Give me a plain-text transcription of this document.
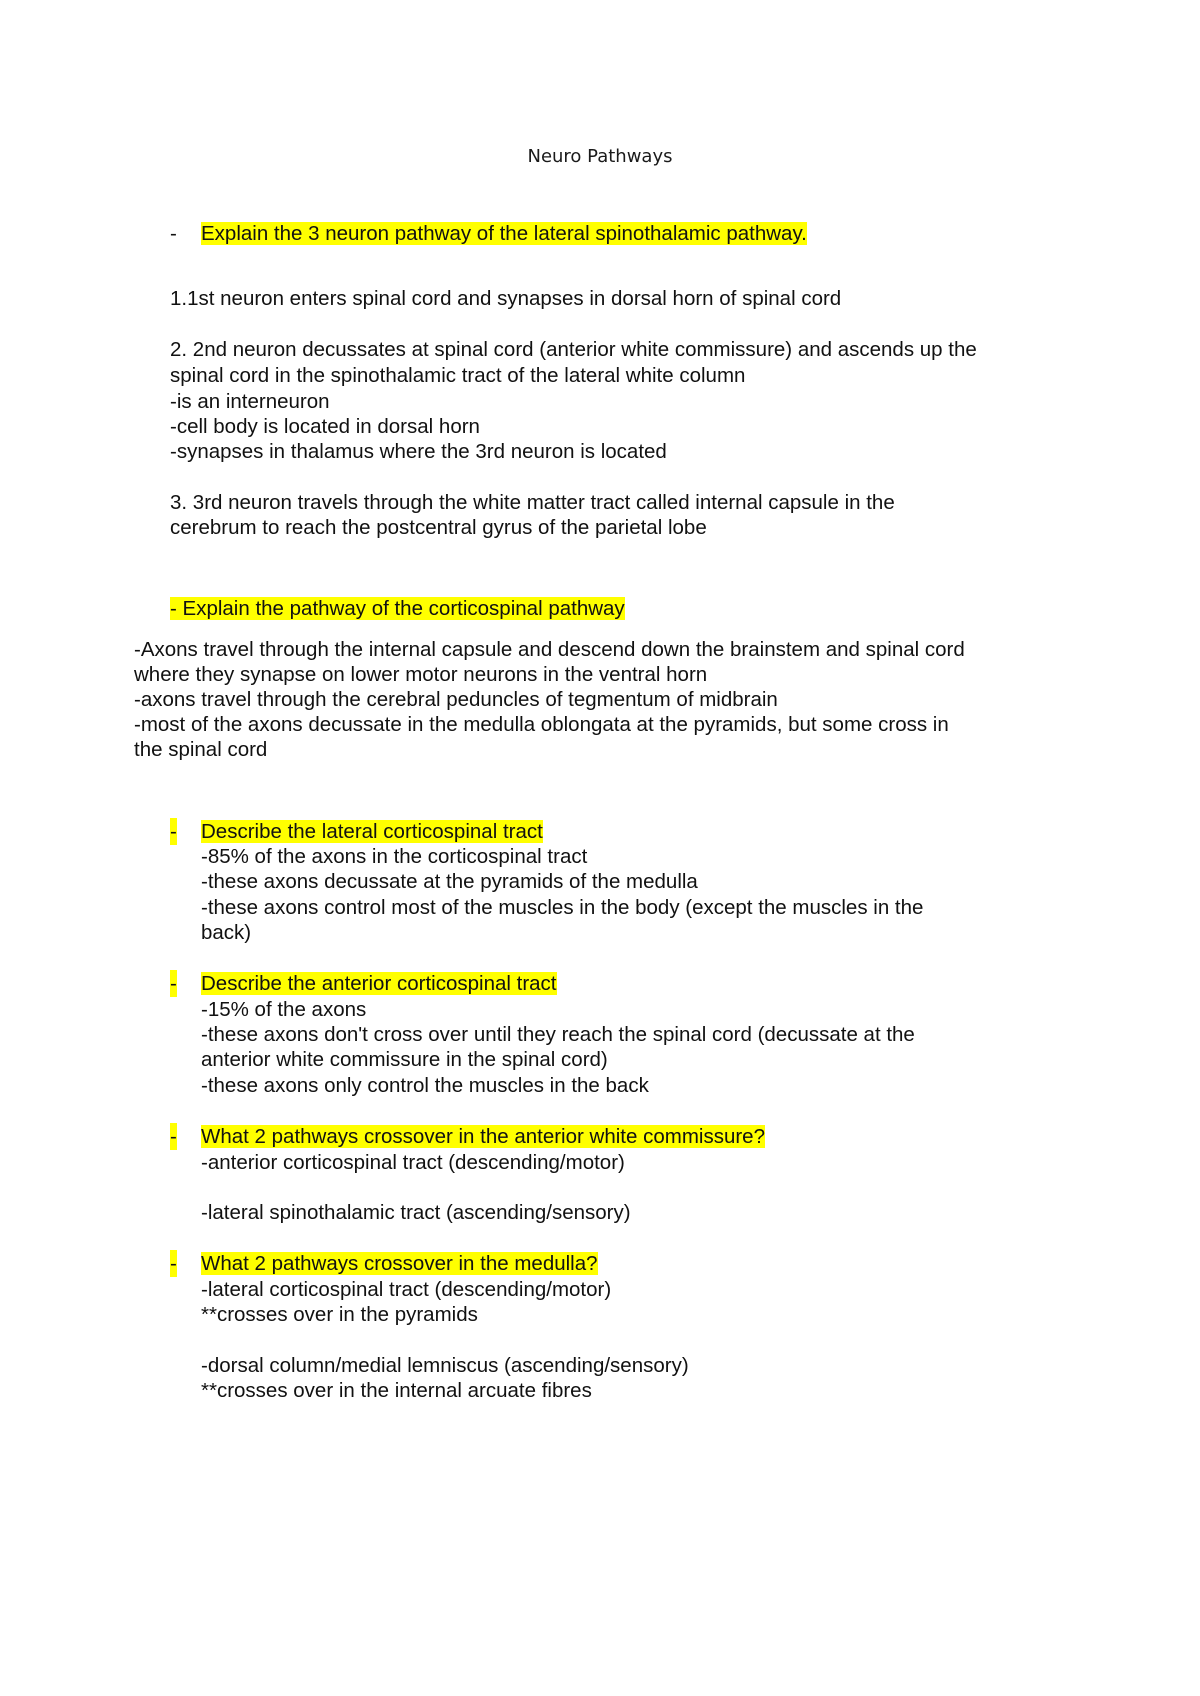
Neuro Pathways
- Explain the 3 neuron pathway of the lateral spinothalamic pathway.
1.1st neuron enters spinal cord and synapses in dorsal horn of spinal cord
2. 2nd neuron decussates at spinal cord (anterior white commissure) and ascends up the
spinal cord in the spinothalamic tract of the lateral white column
-is an interneuron
-cell body is located in dorsal horn
-synapses in thalamus where the 3rd neuron is located
3. 3rd neuron travels through the white matter tract called internal capsule in the
cerebrum to reach the postcentral gyrus of the parietal lobe
- Explain the pathway of the corticospinal pathway
-Axons travel through the internal capsule and descend down the brainstem and spinal cord
where they synapse on lower motor neurons in the ventral horn
-axons travel through the cerebral peduncles of tegmentum of midbrain
-most of the axons decussate in the medulla oblongata at the pyramids, but some cross in
the spinal cord
- Describe the lateral corticospinal tract
-85% of the axons in the corticospinal tract
-these axons decussate at the pyramids of the medulla
-these axons control most of the muscles in the body (except the muscles in the
back)
- Describe the anterior corticospinal tract
-15% of the axons
-these axons don't cross over until they reach the spinal cord (decussate at the
anterior white commissure in the spinal cord)
-these axons only control the muscles in the back
- What 2 pathways crossover in the anterior white commissure?
-anterior corticospinal tract (descending/motor)
-lateral spinothalamic tract (ascending/sensory)
- What 2 pathways crossover in the medulla?
-lateral corticospinal tract (descending/motor)
**crosses over in the pyramids
-dorsal column/medial lemniscus (ascending/sensory)
**crosses over in the internal arcuate fibres
